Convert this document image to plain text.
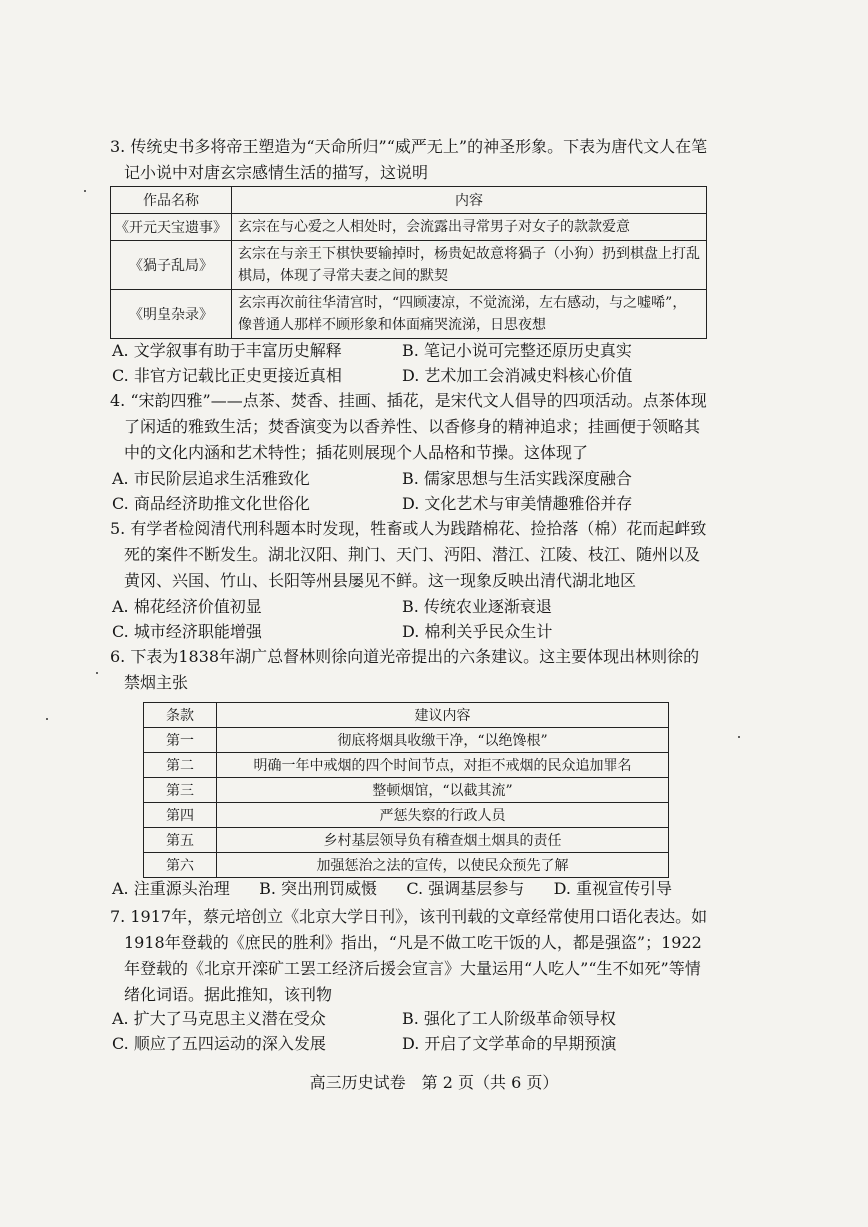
3. 传统史书多将帝王塑造为“天命所归”“威严无上”的神圣形象。下表为唐代文人在笔记小说中对唐玄宗感情生活的描写，这说明

作品名称	内容
《开元天宝遗事》	玄宗在与心爱之人相处时，会流露出寻常男子对女子的款款爱意
《猧子乱局》	玄宗在与亲王下棋快要输掉时，杨贵妃故意将猧子（小狗）扔到棋盘上打乱棋局，体现了寻常夫妻之间的默契
《明皇杂录》	玄宗再次前往华清宫时，“四顾凄凉，不觉流涕，左右感动，与之嘘唏”，像普通人那样不顾形象和体面痛哭流涕，日思夜想
A. 文学叙事有助于丰富历史解释	B. 笔记小说可完整还原历史真实
C. 非官方记载比正史更接近真相	D. 艺术加工会消减史料核心价值

4. “宋韵四雅”——点茶、焚香、挂画、插花，是宋代文人倡导的四项活动。点茶体现了闲适的雅致生活；焚香演变为以香养性、以香修身的精神追求；挂画便于领略其中的文化内涵和艺术特性；插花则展现个人品格和节操。这体现了

A. 市民阶层追求生活雅致化	B. 儒家思想与生活实践深度融合
C. 商品经济助推文化世俗化	D. 文化艺术与审美情趣雅俗并存

5. 有学者检阅清代刑科题本时发现，牲畜或人为践踏棉花、捡拾落（棉）花而起衅致死的案件不断发生。湖北汉阳、荆门、天门、沔阳、潜江、江陵、枝江、随州以及黄冈、兴国、竹山、长阳等州县屡见不鲜。这一现象反映出清代湖北地区

A. 棉花经济价值初显	B. 传统农业逐渐衰退
C. 城市经济职能增强	D. 棉利关乎民众生计

6. 下表为1838年湖广总督林则徐向道光帝提出的六条建议。这主要体现出林则徐的禁烟主张

条款	建议内容
第一	彻底将烟具收缴干净，“以绝馋根”
第二	明确一年中戒烟的四个时间节点，对拒不戒烟的民众追加罪名
第三	整顿烟馆，“以截其流”
第四	严惩失察的行政人员
第五	乡村基层领导负有稽查烟土烟具的责任
第六	加强惩治之法的宣传，以使民众预先了解
A. 注重源头治理 B. 突出刑罚威慑 C. 强调基层参与 D. 重视宣传引导

7. 1917年，蔡元培创立《北京大学日刊》，该刊刊载的文章经常使用口语化表达。如1918年登载的《庶民的胜利》指出，“凡是不做工吃干饭的人，都是强盗”；1922年登载的《北京开滦矿工罢工经济后援会宣言》大量运用“人吃人”“生不如死”等情绪化词语。据此推知，该刊物

A. 扩大了马克思主义潜在受众	B. 强化了工人阶级革命领导权
C. 顺应了五四运动的深入发展	D. 开启了文学革命的早期预演
高三历史试卷　第 2 页（共 6 页）
